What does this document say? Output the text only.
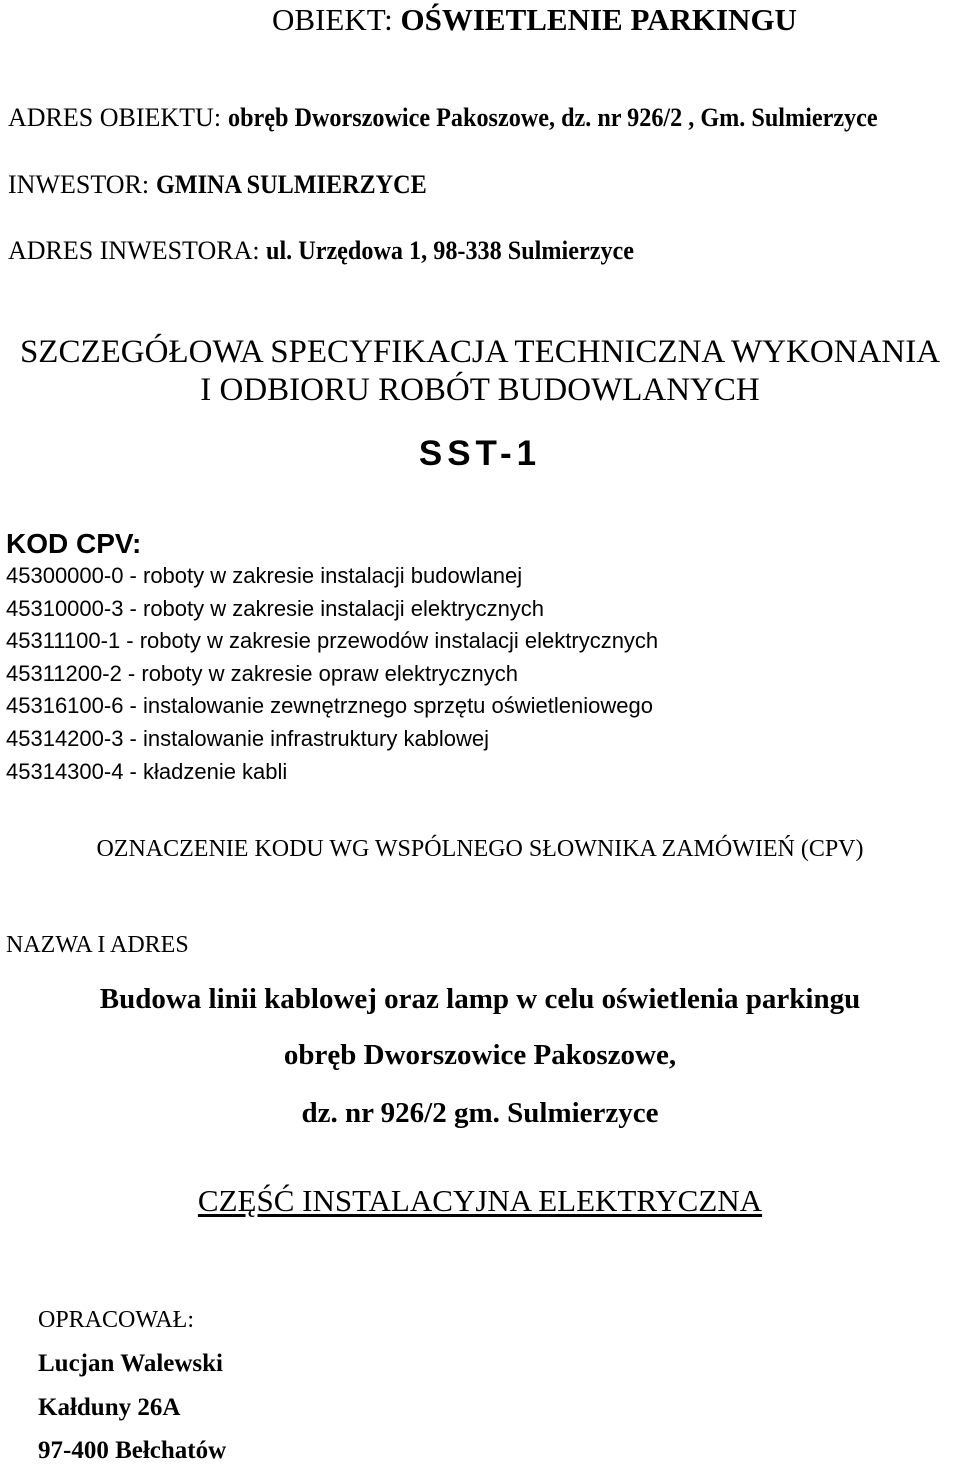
OBIEKT: OŚWIETLENIE PARKINGU
ADRES OBIEKTU: obręb Dworszowice Pakoszowe, dz. nr 926/2 , Gm. Sulmierzyce
INWESTOR: GMINA SULMIERZYCE
ADRES INWESTORA: ul. Urzędowa 1, 98-338 Sulmierzyce
SZCZEGÓŁOWA SPECYFIKACJA TECHNICZNA WYKONANIA
I ODBIORU ROBÓT BUDOWLANYCH
SST-1
KOD CPV:
45300000-0 - roboty w zakresie instalacji budowlanej
45310000-3 - roboty w zakresie instalacji elektrycznych
45311100-1 - roboty w zakresie przewodów instalacji elektrycznych
45311200-2 - roboty w zakresie opraw elektrycznych
45316100-6 - instalowanie zewnętrznego sprzętu oświetleniowego
45314200-3 - instalowanie infrastruktury kablowej
45314300-4 - kładzenie kabli
OZNACZENIE KODU WG WSPÓLNEGO SŁOWNIKA ZAMÓWIEŃ (CPV)
NAZWA I ADRES
Budowa linii kablowej oraz lamp w celu oświetlenia parkingu
obręb Dworszowice Pakoszowe,
dz. nr 926/2 gm. Sulmierzyce
CZĘŚĆ INSTALACYJNA ELEKTRYCZNA
OPRACOWAŁ:
Lucjan Walewski
Kałduny 26A
97-400 Bełchatów
